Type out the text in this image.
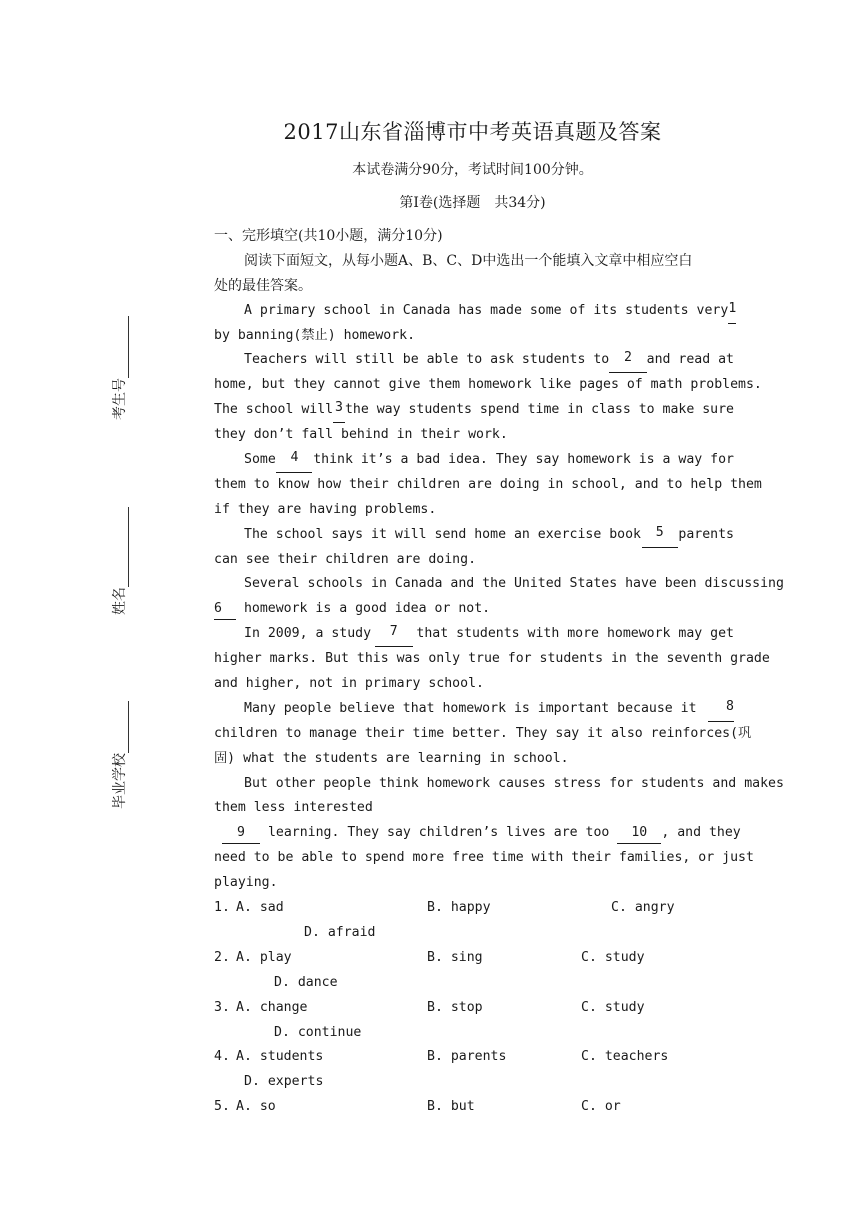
考生号
姓名
毕业学校
2017山东省淄博市中考英语真题及答案
本试卷满分90分，考试时间100分钟。
第Ⅰ卷(选择题　共34分)
一、完形填空(共10小题，满分10分)
阅读下面短文，从每小题A、B、C、D中选出一个能填入文章中相应空白
处的最佳答案。
A primary school in Canada has made some of its students very 1
by banning(禁止) homework.
Teachers will still be able to ask students to	2	and read at
home, but they cannot give them homework like pages of math problems.
The school will 3 the way students spend time in class to make sure
they don’t fall behind in their work.
Some	4	think it’s a bad idea. They say homework is a way for
them to know how their children are doing in school, and to help them
if they are having problems.
The school says it will send home an exercise book	5	parents
can see their children are doing.
Several schools in Canada and the United States have been discussing
6 homework is a good idea or not.
In 2009, a study	7	that students with more homework may get
higher marks. But this was only true for students in the seventh grade
and higher, not in primary school.
Many people believe that homework is important because it	8
children to manage their time better. They say it also reinforces(巩
固) what the students are learning in school.
But other people think homework causes stress for students and makes
them less interested
9 learning. They say children’s lives are too 10 , and they
need to be able to spend more free time with their families, or just
playing.
1. A. sad	B. happy	C. angry
D. afraid
2. A. play	B. sing	C. study
D. dance
3. A. change	B. stop	C. study
D. continue
4. A. students	B. parents	C. teachers
D. experts
5. A. so	B. but	C. or
